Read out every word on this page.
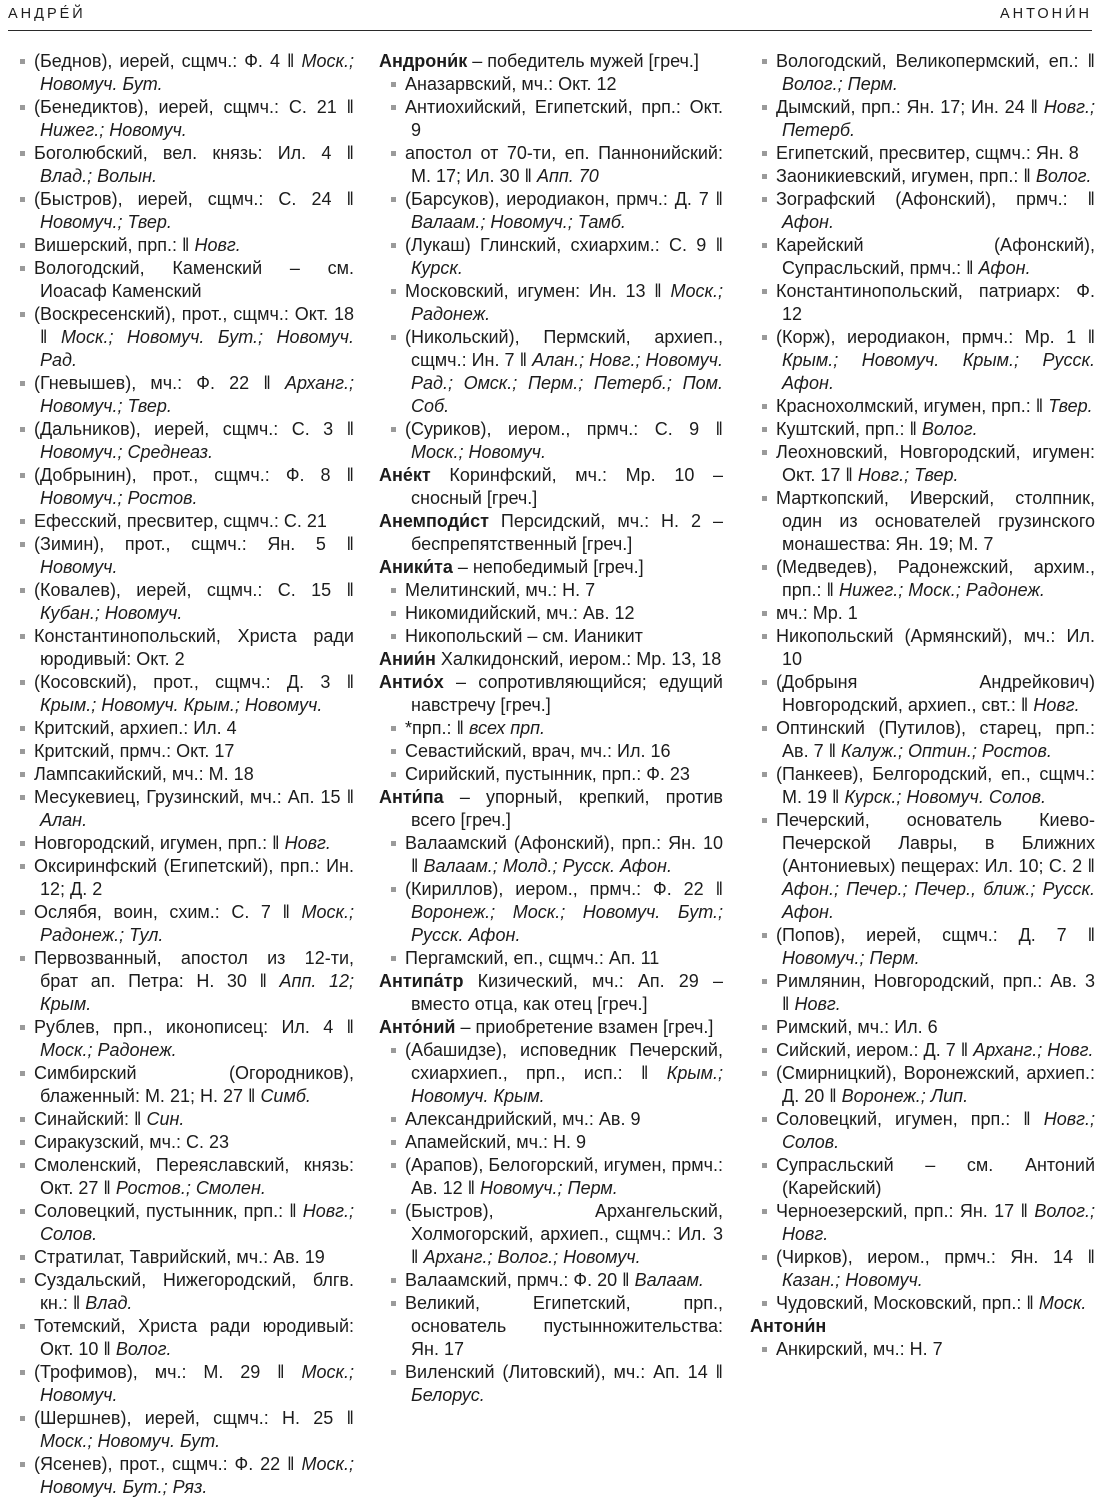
АНДРЕ́Й	АНТОНИ́Н
(Беднов), иерей, сщмч.: Ф. 4 ‖ Моск.; Новомуч. Бут.
(Бенедиктов), иерей, сщмч.: С. 21 ‖ Нижег.; Новомуч.
Боголюбский, вел. князь: Ил. 4 ‖ Влад.; Волын.
(Быстров), иерей, сщмч.: С. 24 ‖ Новомуч.; Твер.
Вишерский, прп.: ‖ Новг.
Вологодский, Каменский – см. Иоасаф Каменский
(Воскресенский), прот., сщмч.: Окт. 18 ‖ Моск.; Новомуч. Бут.; Новомуч. Рад.
(Гневышев), мч.: Ф. 22 ‖ Арханг.; Новомуч.; Твер.
(Дальников), иерей, сщмч.: С. 3 ‖ Новомуч.; Среднеаз.
(Добрынин), прот., сщмч.: Ф. 8 ‖ Новомуч.; Ростов.
Ефесский, пресвитер, сщмч.: С. 21
(Зимин), прот., сщмч.: Ян. 5 ‖ Новомуч.
(Ковалев), иерей, сщмч.: С. 15 ‖ Кубан.; Новомуч.
Константинопольский, Христа ради юродивый: Окт. 2
(Косовский), прот., сщмч.: Д. 3 ‖ Крым.; Новомуч. Крым.; Новомуч.
Критский, архиеп.: Ил. 4
Критский, прмч.: Окт. 17
Лампсакийский, мч.: М. 18
Месукевиец, Грузинский, мч.: Ап. 15 ‖ Алан.
Новгородский, игумен, прп.: ‖ Новг.
Оксиринфский (Египетский), прп.: Ин. 12; Д. 2
Ослябя, воин, схим.: С. 7 ‖ Моск.; Радонеж.; Тул.
Первозванный, апостол из 12-ти, брат ап. Петра: Н. 30 ‖ Апп. 12; Крым.
Рублев, прп., иконописец: Ил. 4 ‖ Моск.; Радонеж.
Симбирский (Огородников), блаженный: М. 21; Н. 27 ‖ Симб.
Синайский: ‖ Син.
Сиракузский, мч.: С. 23
Смоленский, Переяславский, князь: Окт. 27 ‖ Ростов.; Смолен.
Соловецкий, пустынник, прп.: ‖ Новг.; Солов.
Стратилат, Таврийский, мч.: Ав. 19
Суздальский, Нижегородский, блгв. кн.: ‖ Влад.
Тотемский, Христа ради юродивый: Окт. 10 ‖ Волог.
(Трофимов), мч.: М. 29 ‖ Моск.; Новомуч.
(Шершнев), иерей, сщмч.: Н. 25 ‖ Моск.; Новомуч. Бут.
(Ясенев), прот., сщмч.: Ф. 22 ‖ Моск.; Новомуч. Бут.; Ряз.
Андрони́к – победитель мужей [греч.]
Аназарвский, мч.: Окт. 12
Антиохийский, Египетский, прп.: Окт. 9
апостол от 70-ти, еп. Паннонийский: М. 17; Ил. 30 ‖ Апп. 70
(Барсуков), иеродиакон, прмч.: Д. 7 ‖ Валаам.; Новомуч.; Тамб.
(Лукаш) Глинский, схиархим.: С. 9 ‖ Курск.
Московский, игумен: Ин. 13 ‖ Моск.; Радонеж.
(Никольский), Пермский, архиеп., сщмч.: Ин. 7 ‖ Алан.; Новг.; Новомуч. Рад.; Омск.; Перм.; Петерб.; Пом. Соб.
(Суриков), иером., прмч.: С. 9 ‖ Моск.; Новомуч.
Ане́кт Коринфский, мч.: Мр. 10 – сносный [греч.]
Анемподи́ст Персидский, мч.: Н. 2 – беспрепятственный [греч.]
Аники́та – непобедимый [греч.]
Мелитинский, мч.: Н. 7
Никомидийский, мч.: Ав. 12
Никопольский – см. Ианикит
Ании́н Халкидонский, иером.: Мр. 13, 18
Антио́х – сопротивляющийся; едущий навстречу [греч.]
*прп.: ‖ всех прп.
Севастийский, врач, мч.: Ил. 16
Сирийский, пустынник, прп.: Ф. 23
Анти́па – упорный, крепкий, против всего [греч.]
Валаамский (Афонский), прп.: Ян. 10 ‖ Валаам.; Молд.; Русск. Афон.
(Кириллов), иером., прмч.: Ф. 22 ‖ Воронеж.; Моск.; Новомуч. Бут.; Русск. Афон.
Пергамский, еп., сщмч.: Ап. 11
Антипа́тр Кизический, мч.: Ап. 29 – вместо отца, как отец [греч.]
Анто́ний – приобретение взамен [греч.]
(Абашидзе), исповедник Печерский, схиархиеп., прп., исп.: ‖ Крым.; Новомуч. Крым.
Александрийский, мч.: Ав. 9
Апамейский, мч.: Н. 9
(Арапов), Белогорский, игумен, прмч.: Ав. 12 ‖ Новомуч.; Перм.
(Быстров), Архангельский, Холмогорский, архиеп., сщмч.: Ил. 3 ‖ Арханг.; Волог.; Новомуч.
Валаамский, прмч.: Ф. 20 ‖ Валаам.
Великий, Египетский, прп., основатель пустынножительства: Ян. 17
Виленский (Литовский), мч.: Ап. 14 ‖ Белорус.
Вологодский, Великопермский, еп.: ‖ Волог.; Перм.
Дымский, прп.: Ян. 17; Ин. 24 ‖ Новг.; Петерб.
Египетский, пресвитер, сщмч.: Ян. 8
Заоникиевский, игумен, прп.: ‖ Волог.
Зографский (Афонский), прмч.: ‖ Афон.
Карейский (Афонский), Супрасльский, прмч.: ‖ Афон.
Константинопольский, патриарх: Ф. 12
(Корж), иеродиакон, прмч.: Мр. 1 ‖ Крым.; Новомуч. Крым.; Русск. Афон.
Краснохолмский, игумен, прп.: ‖ Твер.
Куштский, прп.: ‖ Волог.
Леохновский, Новгородский, игумен: Окт. 17 ‖ Новг.; Твер.
Марткопский, Иверский, столпник, один из основателей грузинского монашества: Ян. 19; М. 7
(Медведев), Радонежский, архим., прп.: ‖ Нижег.; Моск.; Радонеж.
мч.: Мр. 1
Никопольский (Армянский), мч.: Ил. 10
(Добрыня Андрейкович) Новгородский, архиеп., свт.: ‖ Новг.
Оптинский (Путилов), старец, прп.: Ав. 7 ‖ Калуж.; Оптин.; Ростов.
(Панкеев), Белгородский, еп., сщмч.: М. 19 ‖ Курск.; Новомуч. Солов.
Печерский, основатель Киево-Печерской Лавры, в Ближних (Антониевых) пещерах: Ил. 10; С. 2 ‖ Афон.; Печер.; Печер., ближ.; Русск. Афон.
(Попов), иерей, сщмч.: Д. 7 ‖ Новомуч.; Перм.
Римлянин, Новгородский, прп.: Ав. 3 ‖ Новг.
Римский, мч.: Ил. 6
Сийский, иером.: Д. 7 ‖ Арханг.; Новг.
(Смирницкий), Воронежский, архиеп.: Д. 20 ‖ Воронеж.; Лип.
Соловецкий, игумен, прп.: ‖ Новг.; Солов.
Супрасльский – см. Антоний (Карейский)
Черноезерский, прп.: Ян. 17 ‖ Волог.; Новг.
(Чирков), иером., прмч.: Ян. 14 ‖ Казан.; Новомуч.
Чудовский, Московский, прп.: ‖ Моск.
Антони́н
Анкирский, мч.: Н. 7
